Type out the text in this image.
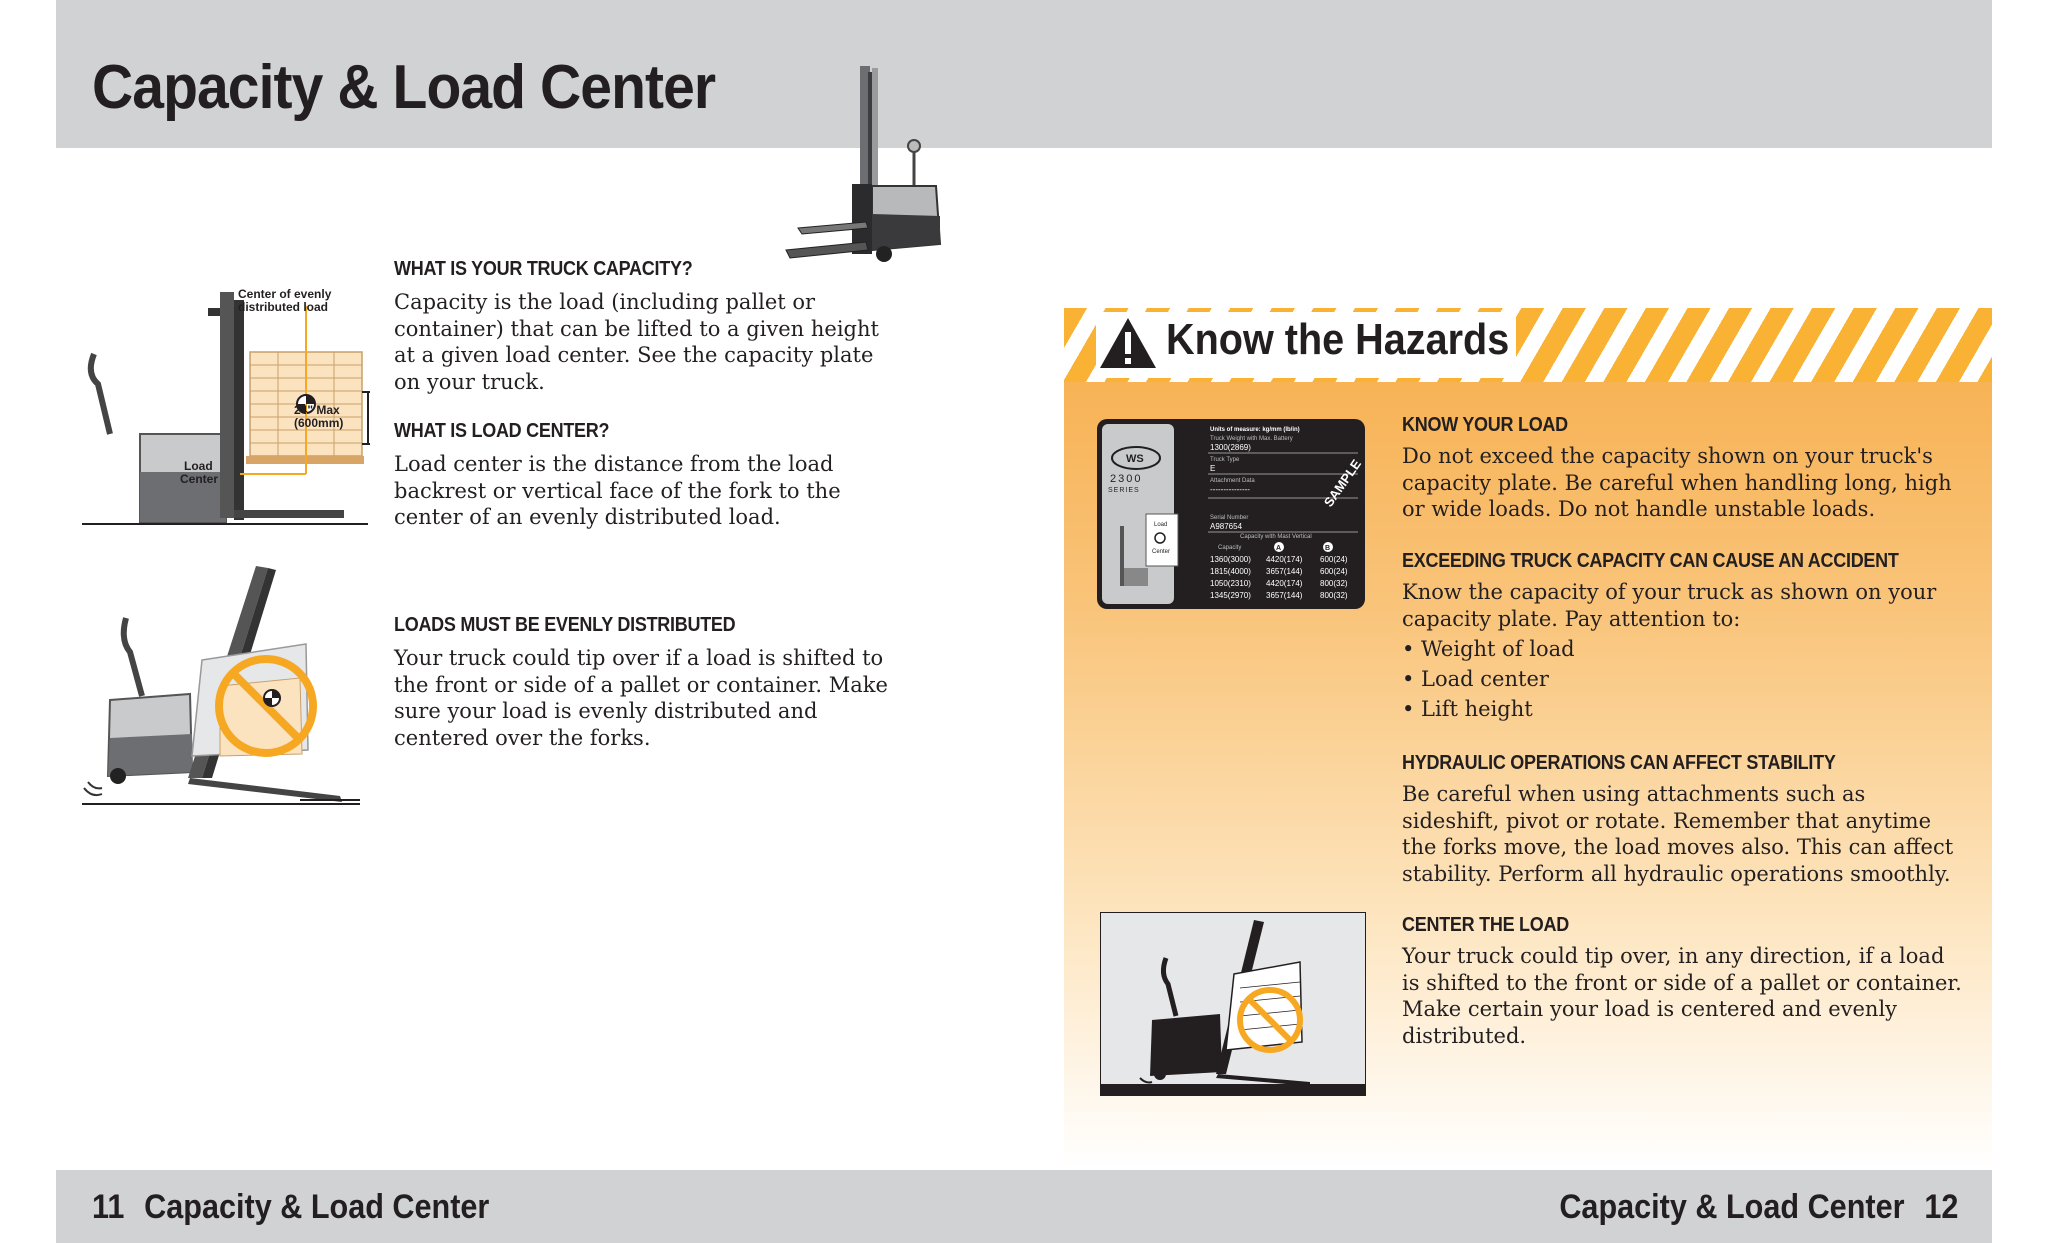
Capacity & Load Center
Center of evenly
distributed load
24" Max
(600mm)
Load
Center
WHAT IS YOUR TRUCK CAPACITY?
Capacity is the load (including pallet or container) that can be lifted to a given height at a given load center. See the capacity plate on your truck.
WHAT IS LOAD CENTER?
Load center is the distance from the load backrest or vertical face of the fork to the center of an evenly distributed load.
LOADS MUST BE EVENLY DISTRIBUTED
Your truck could tip over if a load is shifted to the front or side of a pallet or container. Make sure your load is evenly distributed and centered over the forks.
Know the Hazards
WS
2300
SERIES
Load
Center
Units of measure: kg/mm (lb/in)
Truck Weight with Max. Battery
1300(2869)
Truck Type
E
Attachment Data
---------------	SAMPLE
Serial Number
A987654
Capacity with Mast Vertical
Capacity	A	B
1360(3000) 4420(174) 600(24)
1815(4000) 3657(144) 600(24)
1050(2310) 4420(174) 800(32)
1345(2970) 3657(144) 800(32)
KNOW YOUR LOAD
Do not exceed the capacity shown on your truck's capacity plate. Be careful when handling long, high or wide loads. Do not handle unstable loads.
EXCEEDING TRUCK CAPACITY CAN CAUSE AN ACCIDENT
Know the capacity of your truck as shown on your capacity plate. Pay attention to:
• Weight of load
• Load center
• Lift height
HYDRAULIC OPERATIONS CAN AFFECT STABILITY
Be careful when using attachments such as sideshift, pivot or rotate. Remember that anytime the forks move, the load moves also. This can affect stability. Perform all hydraulic operations smoothly.
CENTER THE LOAD
Your truck could tip over, in any direction, if a load is shifted to the front or side of a pallet or container. Make certain your load is centered and evenly distributed.
11 Capacity & Load Center	Capacity & Load Center 12
